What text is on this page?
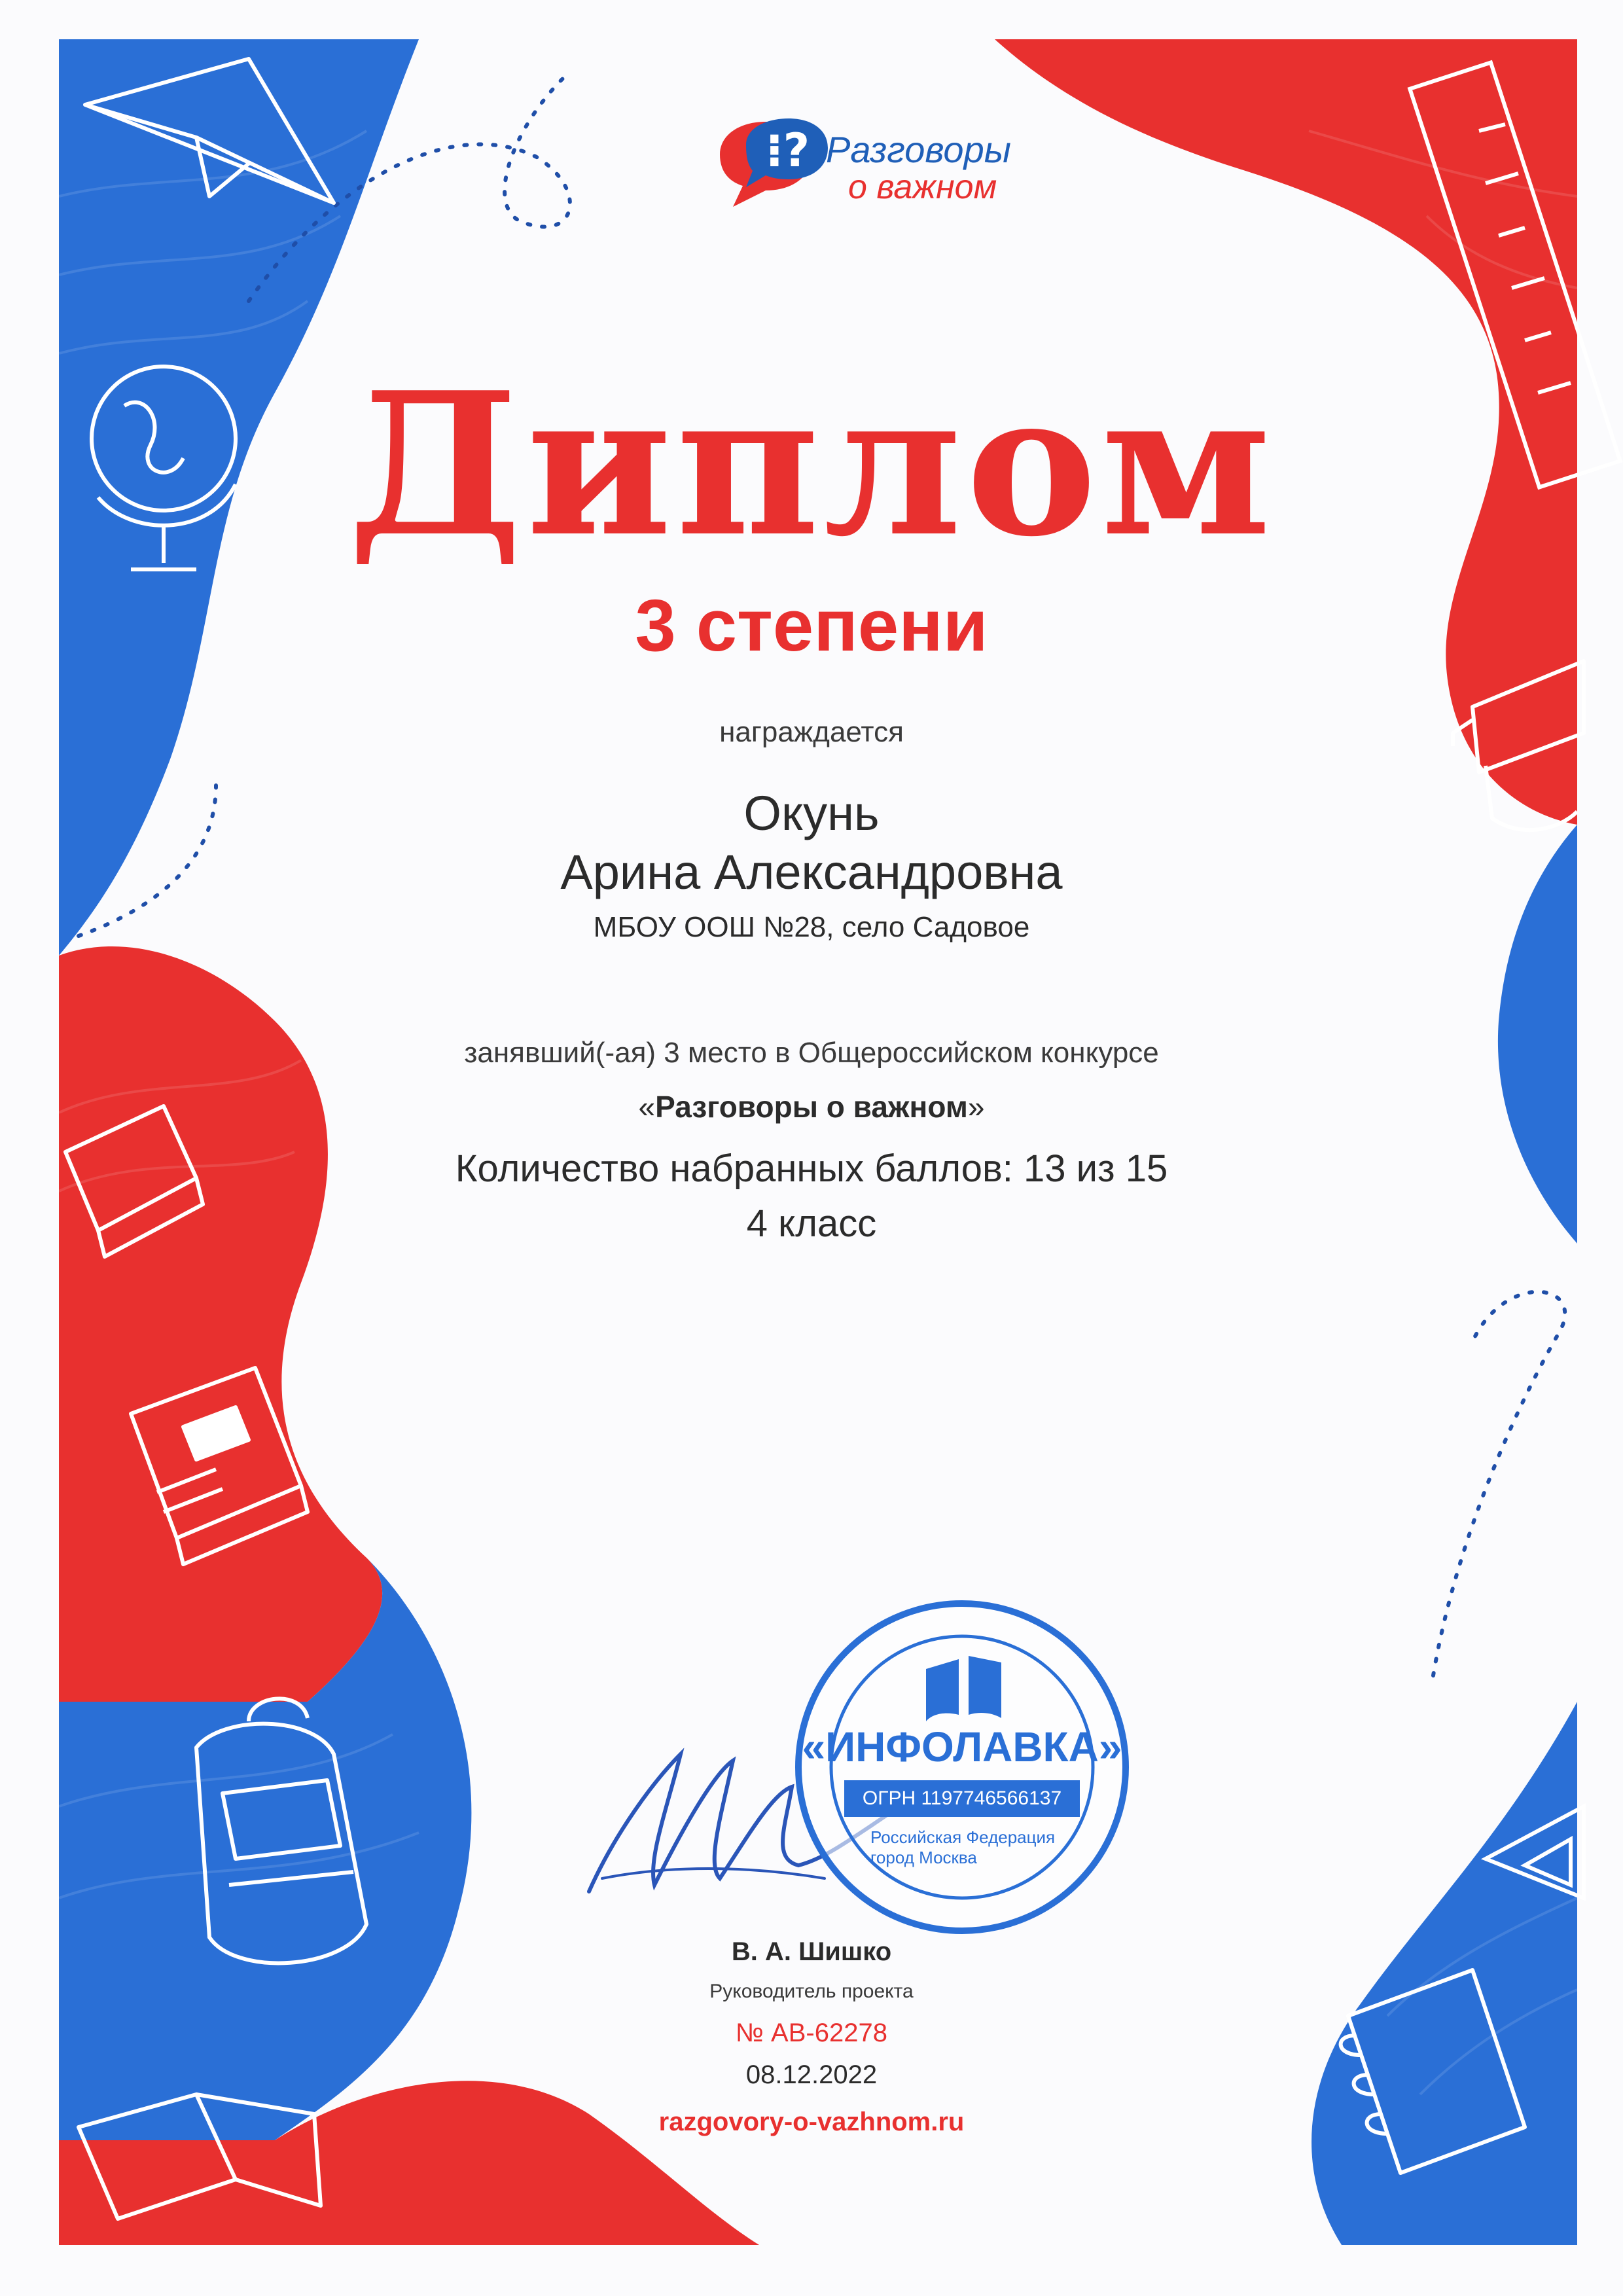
⁝? Разговоры

о важном

Диплом

3 степени

награждается

Окунь

Арина Александровна

МБОУ ООШ №28, село Садовое

занявший(-ая) 3 место в Общероссийском конкурсе

«Разговоры о важном»

Количество набранных баллов: 13 из 15

4 класс

«ИНФОЛАВКА»

ОГРН 1197746566137

Российская Федерация
город Москва

В. А. Шишко

Руководитель проекта

№ АВ-62278

08.12.2022

razgovory-o-vazhnom.ru
